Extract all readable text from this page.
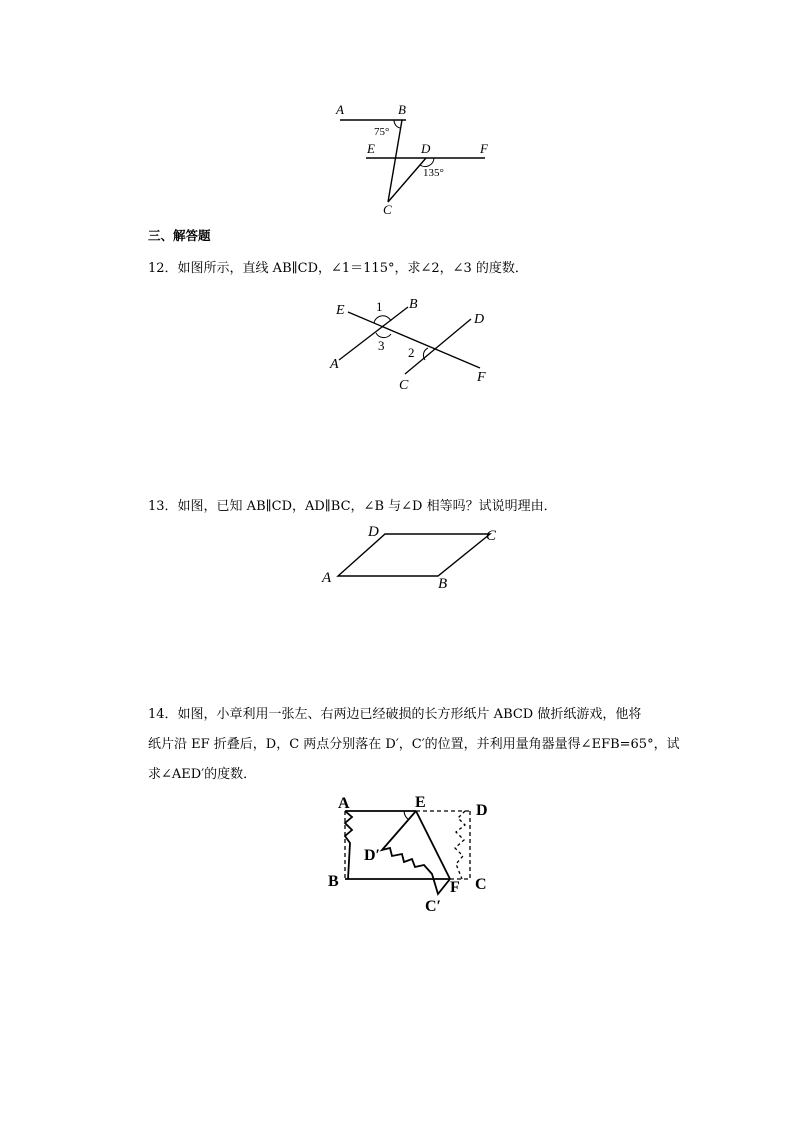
A	B
E	D	F
C
75°
135°
三、解答题
12．如图所示，直线 AB∥CD，∠1＝115°，求∠2，∠3 的度数．
E	B
D
A
C
F
1
3 2
13．如图，已知 AB∥CD，AD∥BC，∠B 与∠D 相等吗？试说明理由．
D	C
A	B
14．如图，小章利用一张左、右两边已经破损的长方形纸片 ABCD 做折纸游戏，他将
纸片沿 EF 折叠后，D，C 两点分别落在 D′，C′的位置，并利用量角器量得∠EFB=65°，试
求∠AED′的度数．
A	E	D
D′
B	F C
C′
